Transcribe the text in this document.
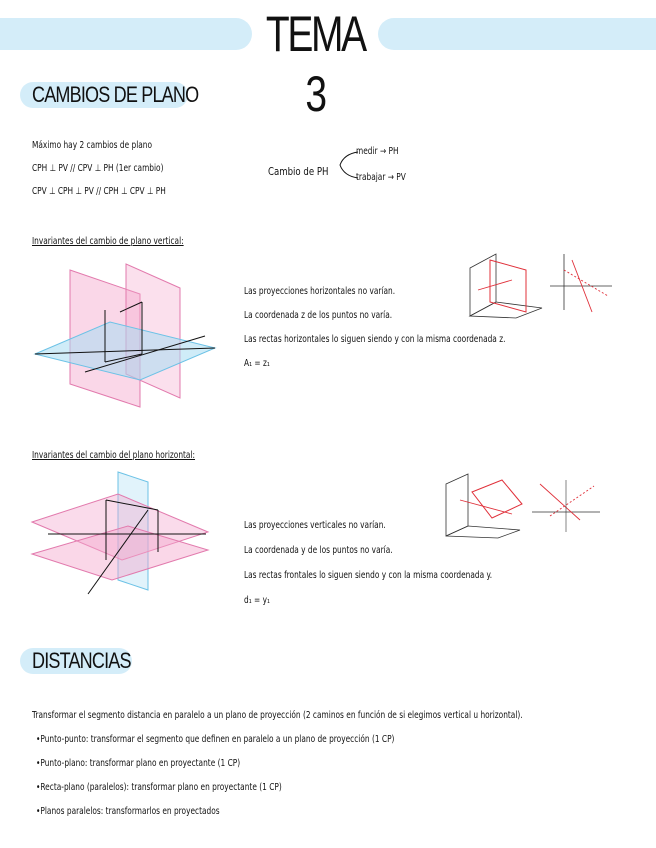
TEMA 3
CAMBIOS DE PLANO
Máximo hay 2 cambios de plano
CPH ⊥ PV // CPV ⊥ PH (1er cambio)
CPV ⊥ CPH ⊥ PV // CPH ⊥ CPV ⊥ PH
Cambio de PH
medir → PH
trabajar → PV
Invariantes del cambio de plano vertical:
Las proyecciones horizontales no varían.
La coordenada z de los puntos no varía.
Las rectas horizontales lo siguen siendo y con la misma coordenada z.
A₁ = z₁
Invariantes del cambio del plano horizontal:
Las proyecciones verticales no varían.
La coordenada y de los puntos no varía.
Las rectas frontales lo siguen siendo y con la misma coordenada y.
d₁ = y₁
DISTANCIAS
Transformar el segmento distancia en paralelo a un plano de proyección (2 caminos en función de si elegimos vertical u horizontal).
•Punto-punto: transformar el segmento que definen en paralelo a un plano de proyección (1 CP)
•Punto-plano: transformar plano en proyectante (1 CP)
•Recta-plano (paralelos): transformar plano en proyectante (1 CP)
•Planos paralelos: transformarlos en proyectados
